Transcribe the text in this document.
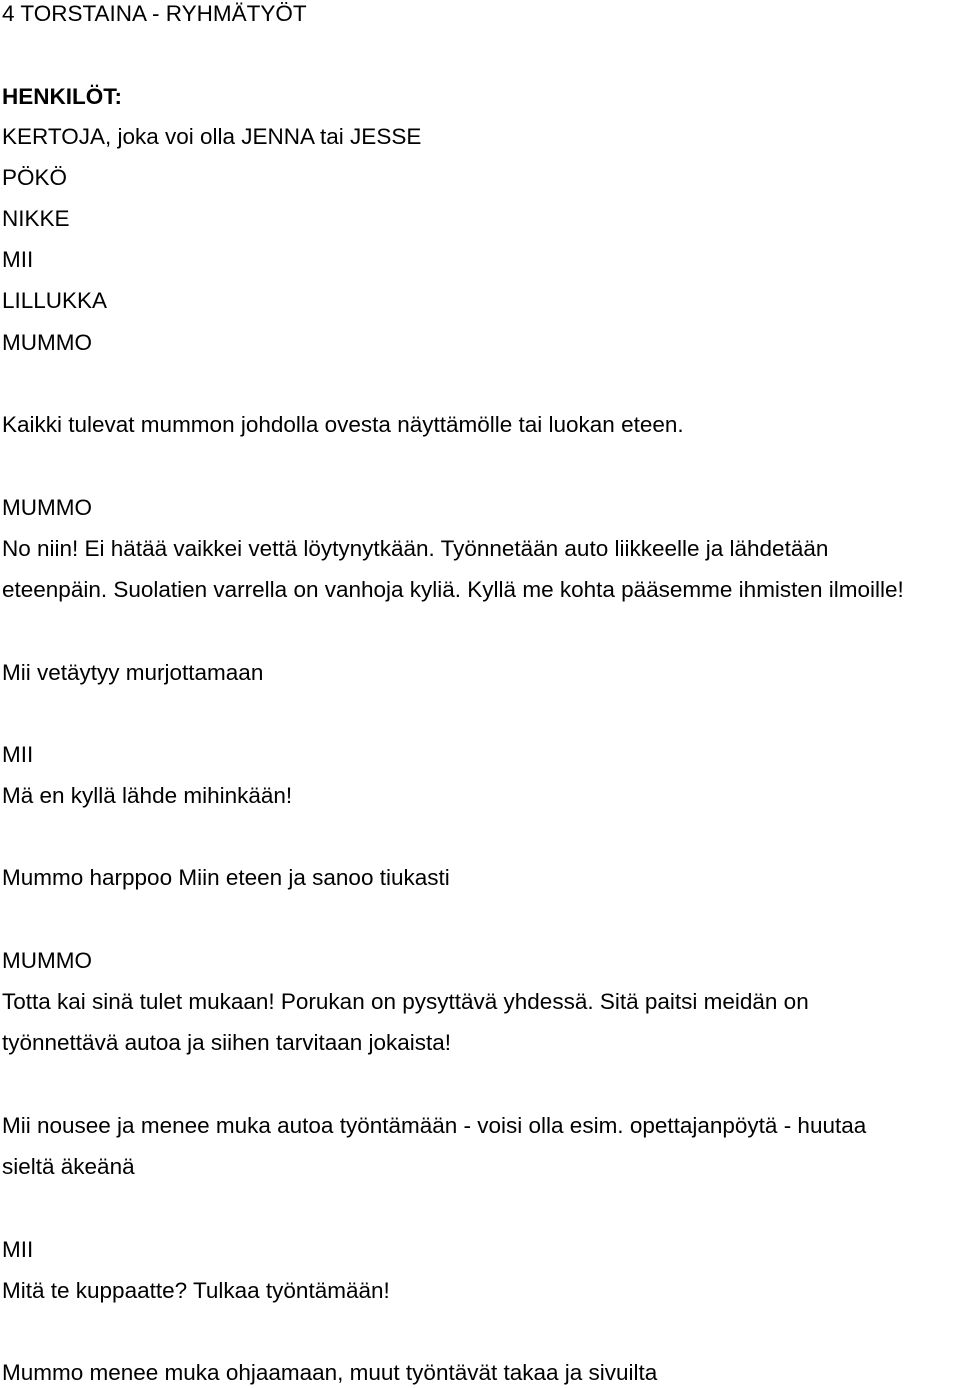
4 TORSTAINA - RYHMÄTYÖT
HENKILÖT:
KERTOJA, joka voi olla JENNA tai JESSE
PÖKÖ
NIKKE
MII
LILLUKKA
MUMMO
Kaikki tulevat mummon johdolla ovesta näyttämölle tai luokan eteen.
MUMMO
No niin! Ei hätää vaikkei vettä löytynytkään. Työnnetään auto liikkeelle ja lähdetään
eteenpäin. Suolatien varrella on vanhoja kyliä. Kyllä me kohta pääsemme ihmisten ilmoille!
Mii vetäytyy murjottamaan
MII
Mä en kyllä lähde mihinkään!
Mummo harppoo Miin eteen ja sanoo tiukasti
MUMMO
Totta kai sinä tulet mukaan! Porukan on pysyttävä yhdessä. Sitä paitsi meidän on
työnnettävä autoa ja siihen tarvitaan jokaista!
Mii nousee ja menee muka autoa työntämään - voisi olla esim. opettajanpöytä - huutaa
sieltä äkeänä
MII
Mitä te kuppaatte? Tulkaa työntämään!
Mummo menee muka ohjaamaan, muut työntävät takaa ja sivuilta
